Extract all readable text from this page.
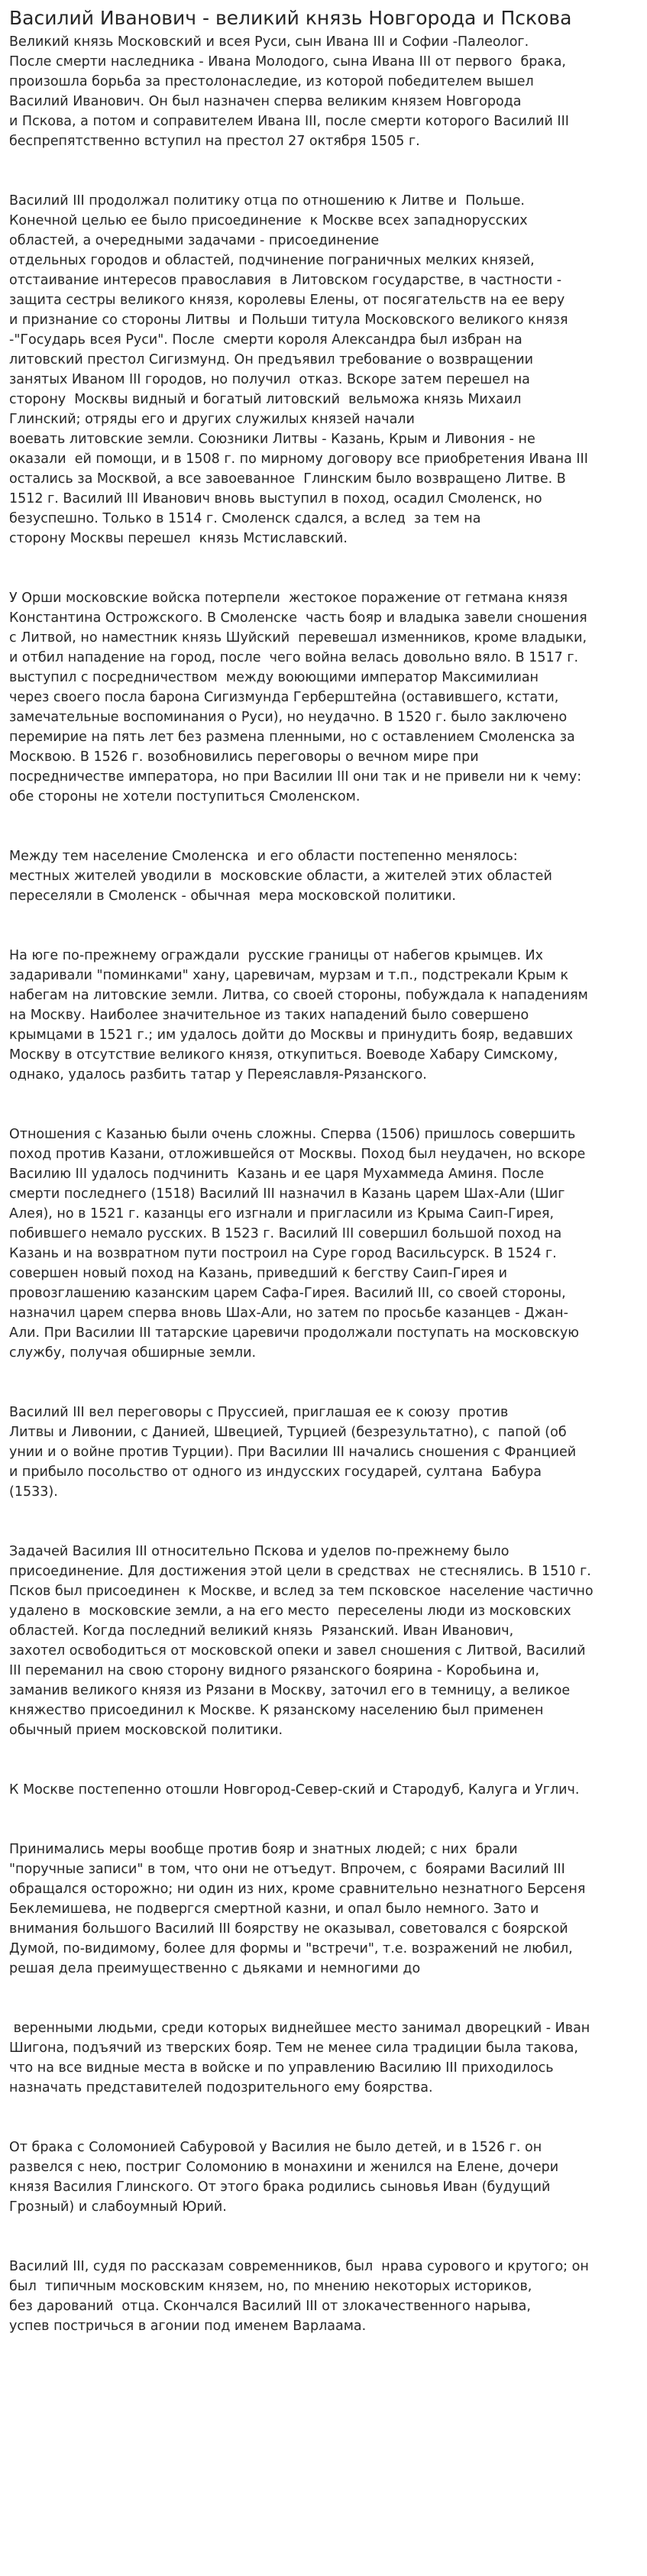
Василий Иванович - великий князь Новгорода и Пскова

Великий князь Московский и всея Руси, сын Ивана III и Софии -Палеолог.
После смерти наследника - Ивана Молодого, сына Ивана III от первого  брака,
произошла борьба за престолонаследие, из которой победителем вышел
Василий Иванович. Он был назначен сперва великим князем Новгорода
и Пскова, а потом и соправителем Ивана III, после смерти которого Василий III
беспрепятственно вступил на престол 27 октября 1505 г.

Василий III продолжал политику отца по отношению к Литве и  Польше.
Конечной целью ее было присоединение  к Москве всех западнорусских
областей, а очередными задачами - присоединение
отдельных городов и областей, подчинение пограничных мелких князей,
отстаивание интересов православия  в Литовском государстве, в частности -
защита сестры великого князя, королевы Елены, от посягательств на ее веру
и признание со стороны Литвы  и Польши титула Московского великого князя
-"Государь всея Руси". После  смерти короля Александра был избран на
литовский престол Сигизмунд. Он предъявил требование о возвращении
занятых Иваном III городов, но получил  отказ. Вскоре затем перешел на
сторону  Москвы видный и богатый литовский  вельможа князь Михаил
Глинский; отряды его и других служилых князей начали
воевать литовские земли. Союзники Литвы - Казань, Крым и Ливония - не
оказали  ей помощи, и в 1508 г. по мирному договору все приобретения Ивана III
остались за Москвой, а все завоеванное  Глинским было возвращено Литве. В
1512 г. Василий III Иванович вновь выступил в поход, осадил Смоленск, но
безуспешно. Только в 1514 г. Смоленск сдался, а вслед  за тем на
сторону Москвы перешел  князь Мстиславский.

У Орши московские войска потерпели  жестокое поражение от гетмана князя
Константина Острожского. В Смоленске  часть бояр и владыка завели сношения
с Литвой, но наместник князь Шуйский  перевешал изменников, кроме владыки,
и отбил нападение на город, после  чего война велась довольно вяло. В 1517 г.
выступил с посредничеством  между воюющими император Максимилиан
через своего посла барона Сигизмунда Герберштейна (оставившего, кстати,
замечательные воспоминания о Руси), но неудачно. В 1520 г. было заключено
перемирие на пять лет без размена пленными, но с оставлением Смоленска за
Москвою. В 1526 г. возобновились переговоры о вечном мире при
посредничестве императора, но при Василии III они так и не привели ни к чему:
обе стороны не хотели поступиться Смоленском.

Между тем население Смоленска  и его области постепенно менялось:
местных жителей уводили в  московские области, а жителей этих областей
переселяли в Смоленск - обычная  мера московской политики.

На юге по-прежнему ограждали  русские границы от набегов крымцев. Их
задаривали "поминками" хану, царевичам, мурзам и т.п., подстрекали Крым к
набегам на литовские земли. Литва, со своей стороны, побуждала к нападениям
на Москву. Наиболее значительное из таких нападений было совершено
крымцами в 1521 г.; им удалось дойти до Москвы и принудить бояр, ведавших
Москву в отсутствие великого князя, откупиться. Воеводе Хабару Симскому,
однако, удалось разбить татар у Переяславля-Рязанского.

Отношения с Казанью были очень сложны. Сперва (1506) пришлось совершить
поход против Казани, отложившейся от Москвы. Поход был неудачен, но вскоре
Василию III удалось подчинить  Казань и ее царя Мухаммеда Аминя. После
смерти последнего (1518) Василий III назначил в Казань царем Шах-Али (Шиг
Алея), но в 1521 г. казанцы его изгнали и пригласили из Крыма Саип-Гирея,
побившего немало русских. В 1523 г. Василий III совершил большой поход на
Казань и на возвратном пути построил на Суре город Васильсурск. В 1524 г.
совершен новый поход на Казань, приведший к бегству Саип-Гирея и
провозглашению казанским царем Сафа-Гирея. Василий III, со своей стороны,
назначил царем сперва вновь Шах-Али, но затем по просьбе казанцев - Джан-
Али. При Василии III татарские царевичи продолжали поступать на московскую
службу, получая обширные земли.

Василий III вел переговоры с Пруссией, приглашая ее к союзу  против
Литвы и Ливонии, с Данией, Швецией, Турцией (безрезультатно), с  папой (об
унии и о войне против Турции). При Василии III начались сношения с Францией
и прибыло посольство от одного из индусских государей, султана  Бабура
(1533).

Задачей Василия III относительно Пскова и уделов по-прежнему было
присоединение. Для достижения этой цели в средствах  не стеснялись. В 1510 г.
Псков был присоединен  к Москве, и вслед за тем псковское  население частично
удалено в  московские земли, а на его место  переселены люди из московских
областей. Когда последний великий князь  Рязанский. Иван Иванович,
захотел освободиться от московской опеки и завел сношения с Литвой, Василий
III переманил на свою сторону видного рязанского боярина - Коробьина и,
заманив великого князя из Рязани в Москву, заточил его в темницу, а великое
княжество присоединил к Москве. К рязанскому населению был применен
обычный прием московской политики.

К Москве постепенно отошли Новгород-Север-ский и Стародуб, Калуга и Углич.

Принимались меры вообще против бояр и знатных людей; с них  брали
"поручные записи" в том, что они не отъедут. Впрочем, с  боярами Василий III
обращался осторожно; ни один из них, кроме сравнительно незнатного Берсеня
Беклемишева, не подвергся смертной казни, и опал было немного. Зато и
внимания большого Василий III боярству не оказывал, советовался с боярской
Думой, по-видимому, более для формы и "встречи", т.е. возражений не любил,
решая дела преимущественно с дьяками и немногими до

веренными людьми, среди которых виднейшее место занимал дворецкий - Иван
Шигона, подъячий из тверских бояр. Тем не менее сила традиции была такова,
что на все видные места в войске и по управлению Василию III приходилось
назначать представителей подозрительного ему боярства.

От брака с Соломонией Сабуровой у Василия не было детей, и в 1526 г. он
развелся с нею, постриг Соломонию в монахини и женился на Елене, дочери
князя Василия Глинского. От этого брака родились сыновья Иван (будущий
Грозный) и слабоумный Юрий.

Василий III, судя по рассказам современников, был  нрава сурового и крутого; он
был  типичным московским князем, но, по мнению некоторых историков,
без дарований  отца. Скончался Василий III от злокачественного нарыва,
успев постричься в агонии под именем Варлаама.
